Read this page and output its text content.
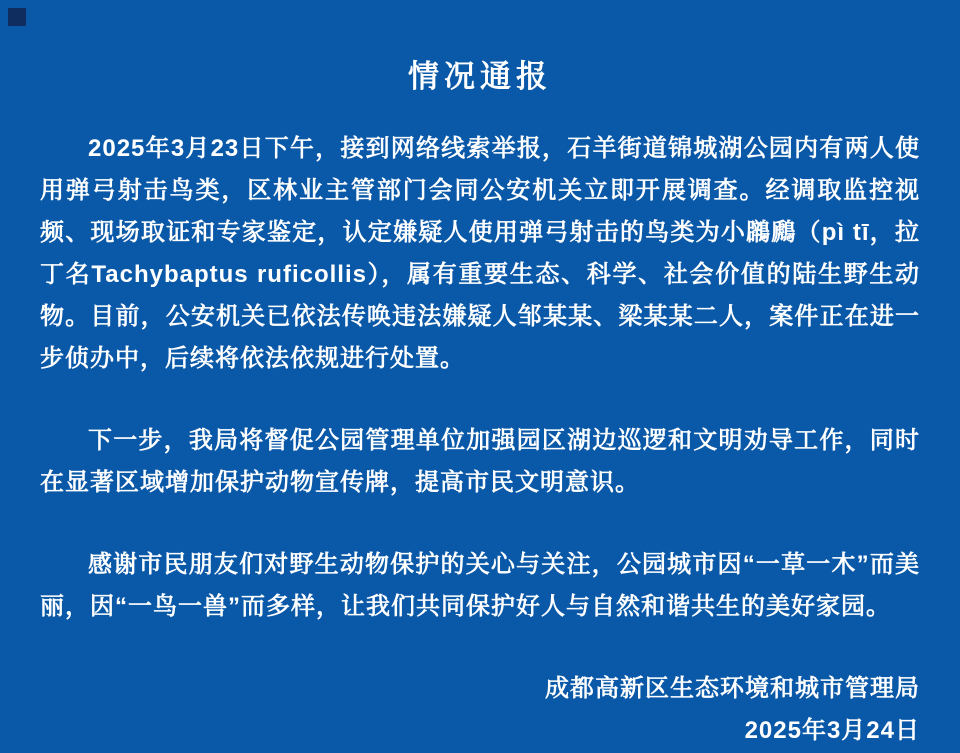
情况通报

2025年3月23日下午，接到网络线索举报，石羊街道锦城湖公园内有两人使用弹弓射击鸟类，区林业主管部门会同公安机关立即开展调查。经调取监控视频、现场取证和专家鉴定，认定嫌疑人使用弹弓射击的鸟类为小鸊鷉（pì tī，拉丁名Tachybaptus ruficollis），属有重要生态、科学、社会价值的陆生野生动物。目前，公安机关已依法传唤违法嫌疑人邹某某、梁某某二人，案件正在进一步侦办中，后续将依法依规进行处置。

下一步，我局将督促公园管理单位加强园区湖边巡逻和文明劝导工作，同时在显著区域增加保护动物宣传牌，提高市民文明意识。

感谢市民朋友们对野生动物保护的关心与关注，公园城市因“一草一木”而美丽，因“一鸟一兽”而多样，让我们共同保护好人与自然和谐共生的美好家园。

成都高新区生态环境和城市管理局
2025年3月24日
